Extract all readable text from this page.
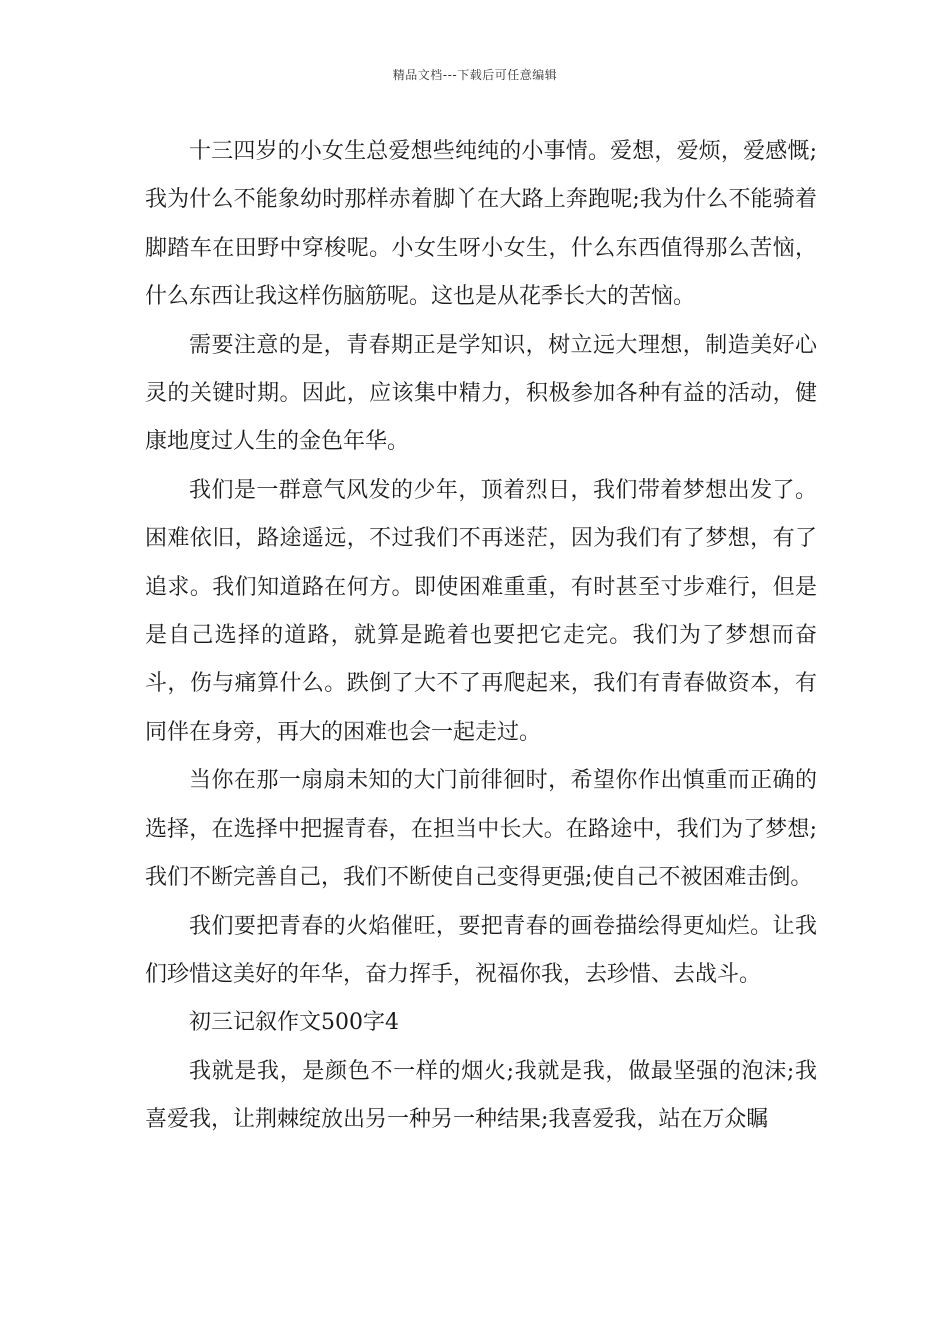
精品文档---下载后可任意编辑

十三四岁的小女生总爱想些纯纯的小事情。爱想，爱烦，爱感慨;我为什么不能象幼时那样赤着脚丫在大路上奔跑呢;我为什么不能骑着脚踏车在田野中穿梭呢。小女生呀小女生，什么东西值得那么苦恼，什么东西让我这样伤脑筋呢。这也是从花季长大的苦恼。

需要注意的是，青春期正是学知识，树立远大理想，制造美好心灵的关键时期。因此，应该集中精力，积极参加各种有益的活动，健康地度过人生的金色年华。

我们是一群意气风发的少年，顶着烈日，我们带着梦想出发了。困难依旧，路途遥远，不过我们不再迷茫，因为我们有了梦想，有了追求。我们知道路在何方。即使困难重重，有时甚至寸步难行，但是是自己选择的道路，就算是跪着也要把它走完。我们为了梦想而奋斗，伤与痛算什么。跌倒了大不了再爬起来，我们有青春做资本，有同伴在身旁，再大的困难也会一起走过。

当你在那一扇扇未知的大门前徘徊时，希望你作出慎重而正确的选择，在选择中把握青春，在担当中长大。在路途中，我们为了梦想;我们不断完善自己，我们不断使自己变得更强;使自己不被困难击倒。

我们要把青春的火焰催旺，要把青春的画卷描绘得更灿烂。让我们珍惜这美好的年华，奋力挥手，祝福你我，去珍惜、去战斗。

初三记叙作文500字4

我就是我，是颜色不一样的烟火;我就是我，做最坚强的泡沫;我喜爱我，让荆棘绽放出另一种另一种结果;我喜爱我，站在万众瞩
